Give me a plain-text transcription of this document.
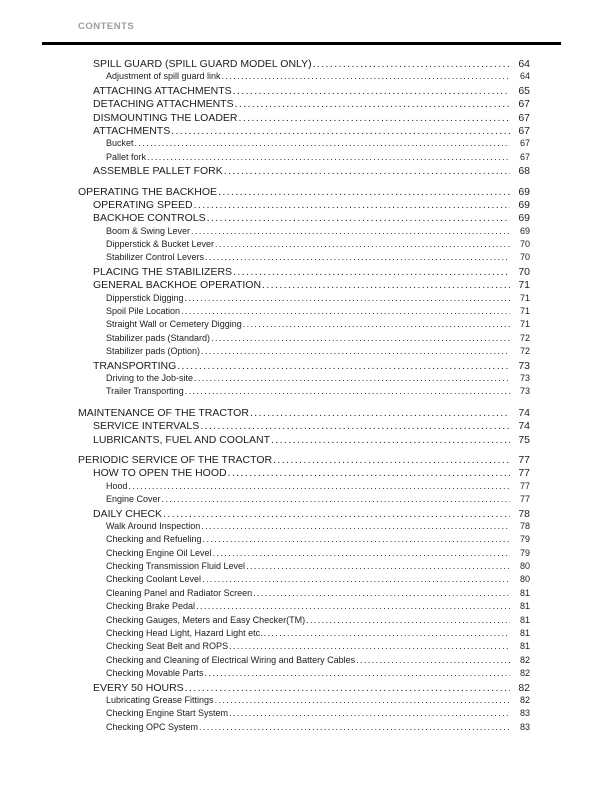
CONTENTS
SPILL GUARD (SPILL GUARD MODEL ONLY) .....	64
Adjustment of spill guard link .....	64
ATTACHING ATTACHMENTS .....	65
DETACHING ATTACHMENTS .....	67
DISMOUNTING THE LOADER .....	67
ATTACHMENTS .....	67
Bucket .....	67
Pallet fork .....	67
ASSEMBLE PALLET FORK .....	68
OPERATING THE BACKHOE .....	69
OPERATING SPEED .....	69
BACKHOE CONTROLS .....	69
Boom & Swing Lever .....	69
Dipperstick & Bucket Lever .....	70
Stabilizer Control Levers .....	70
PLACING THE STABILIZERS .....	70
GENERAL BACKHOE OPERATION .....	71
Dipperstick Digging .....	71
Spoil Pile Location .....	71
Straight Wall or Cemetery Digging .....	71
Stabilizer pads (Standard) .....	72
Stabilizer pads (Option) .....	72
TRANSPORTING .....	73
Driving to the Job-site .....	73
Trailer Transporting .....	73
MAINTENANCE OF THE TRACTOR .....	74
SERVICE INTERVALS .....	74
LUBRICANTS, FUEL AND COOLANT .....	75
PERIODIC SERVICE OF THE TRACTOR .....	77
HOW TO OPEN THE HOOD .....	77
Hood .....	77
Engine Cover .....	77
DAILY CHECK .....	78
Walk Around Inspection .....	78
Checking and Refueling .....	79
Checking Engine Oil Level .....	79
Checking Transmission Fluid Level .....	80
Checking Coolant Level .....	80
Cleaning Panel and Radiator Screen .....	81
Checking Brake Pedal .....	81
Checking Gauges, Meters and Easy Checker(TM) .....	81
Checking Head Light, Hazard Light etc. .....	81
Checking Seat Belt and ROPS .....	81
Checking and Cleaning of Electrical Wiring and Battery Cables .....	82
Checking Movable Parts .....	82
EVERY 50 HOURS .....	82
Lubricating Grease Fittings .....	82
Checking Engine Start System .....	83
Checking OPC System .....	83
